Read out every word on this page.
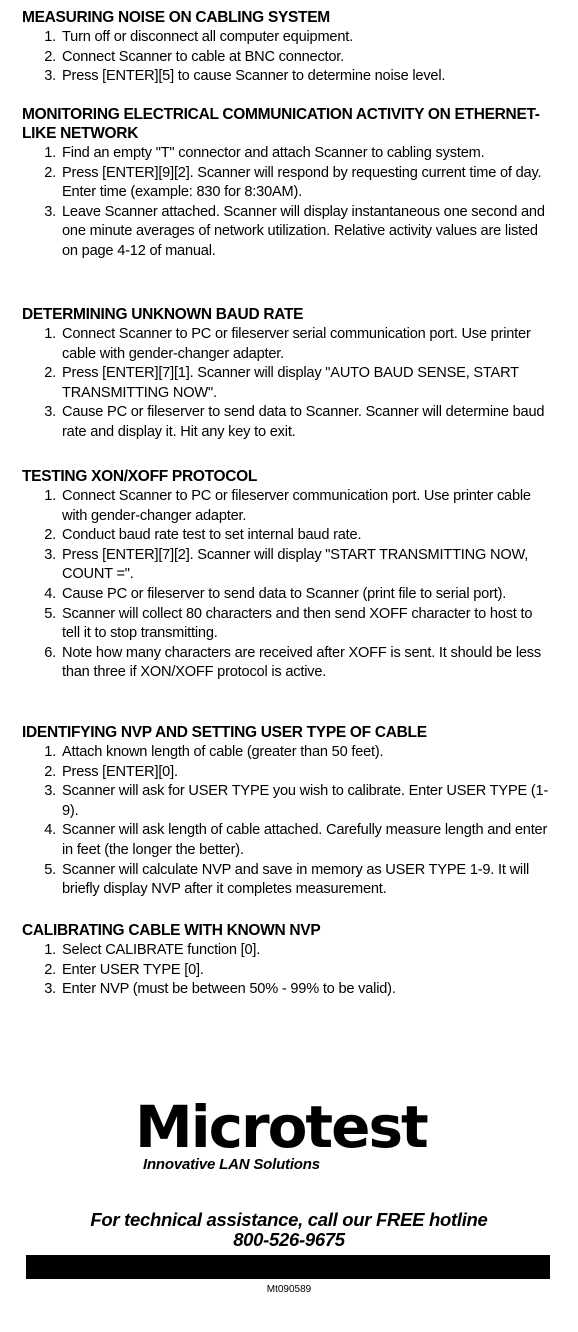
MEASURING NOISE ON CABLING SYSTEM
1. Turn off or disconnect all computer equipment.
2. Connect Scanner to cable at BNC connector.
3. Press [ENTER][5] to cause Scanner to determine noise level.
MONITORING ELECTRICAL COMMUNICATION ACTIVITY ON ETHERNET-LIKE NETWORK
1. Find an empty "T" connector and attach Scanner to cabling system.
2. Press [ENTER][9][2]. Scanner will respond by requesting current time of day. Enter time (example: 830 for 8:30AM).
3. Leave Scanner attached. Scanner will display instantaneous one second and one minute averages of network utilization. Relative activity values are listed on page 4-12 of manual.
DETERMINING UNKNOWN BAUD RATE
1. Connect Scanner to PC or fileserver serial communication port. Use printer cable with gender-changer adapter.
2. Press [ENTER][7][1]. Scanner will display "AUTO BAUD SENSE, START TRANSMITTING NOW".
3. Cause PC or fileserver to send data to Scanner. Scanner will determine baud rate and display it. Hit any key to exit.
TESTING XON/XOFF PROTOCOL
1. Connect Scanner to PC or fileserver communication port. Use printer cable with gender-changer adapter.
2. Conduct baud rate test to set internal baud rate.
3. Press [ENTER][7][2]. Scanner will display "START TRANSMITTING NOW, COUNT =".
4. Cause PC or fileserver to send data to Scanner (print file to serial port).
5. Scanner will collect 80 characters and then send XOFF character to host to tell it to stop transmitting.
6. Note how many characters are received after XOFF is sent. It should be less than three if XON/XOFF protocol is active.
IDENTIFYING NVP AND SETTING USER TYPE OF CABLE
1. Attach known length of cable (greater than 50 feet).
2. Press [ENTER][0].
3. Scanner will ask for USER TYPE you wish to calibrate. Enter USER TYPE (1-9).
4. Scanner will ask length of cable attached. Carefully measure length and enter in feet (the longer the better).
5. Scanner will calculate NVP and save in memory as USER TYPE 1-9. It will briefly display NVP after it completes measurement.
CALIBRATING CABLE WITH KNOWN NVP
1. Select CALIBRATE function [0].
2. Enter USER TYPE [0].
3. Enter NVP (must be between 50% - 99% to be valid).
Microtest
Innovative LAN Solutions
For technical assistance, call our FREE hotline
800-526-9675
Mt090589
